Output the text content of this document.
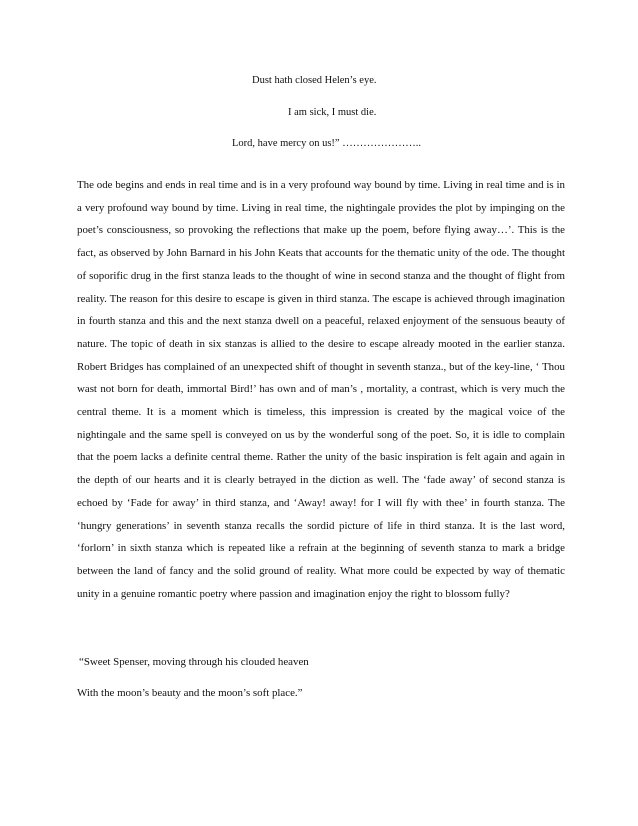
Dust hath closed Helen’s eye.
I am sick, I must die.
Lord, have mercy on us!” …………………..

The ode begins and ends in real time and is in a very profound way bound by time. Living in real time and is in a very profound way bound by time. Living in real time, the nightingale provides the plot by impinging on the poet’s consciousness, so provoking the reflections that make up the poem, before flying away…’. This is the fact, as observed by John Barnard in his John Keats that accounts for the thematic unity of the ode. The thought of soporific drug in the first stanza leads to the thought of wine in second stanza and the thought of flight from reality. The reason for this desire to escape is given in third stanza. The escape is achieved through imagination in fourth stanza and this and the next stanza dwell on a peaceful, relaxed enjoyment of the sensuous beauty of nature. The topic of death in six stanzas is allied to the desire to escape already mooted in the earlier stanza. Robert Bridges has complained of an unexpected shift of thought in seventh stanza., but of the key-line, ‘ Thou wast not born for death, immortal Bird!’ has own and of man’s , mortality, a contrast, which is very much the central theme. It is a moment which is timeless, this impression is created by the magical voice of the nightingale and the same spell is conveyed on us by the wonderful song of the poet. So, it is idle to complain that the poem lacks a definite central theme. Rather the unity of the basic inspiration is felt again and again in the depth of our hearts and it is clearly betrayed in the diction as well. The ‘fade away’ of second stanza is echoed by ‘Fade for away’ in third stanza, and ‘Away! away! for I will fly with thee’ in fourth stanza. The ‘hungry generations’ in seventh stanza recalls the sordid picture of life in third stanza. It is the last word, ‘forlorn’ in sixth stanza which is repeated like a refrain at the beginning of seventh stanza to mark a bridge between the land of fancy and the solid ground of reality. What more could be expected by way of thematic unity in a genuine romantic poetry where passion and imagination enjoy the right to blossom fully?

“Sweet Spenser, moving through his clouded heaven
With the moon’s beauty and the moon’s soft place.”
